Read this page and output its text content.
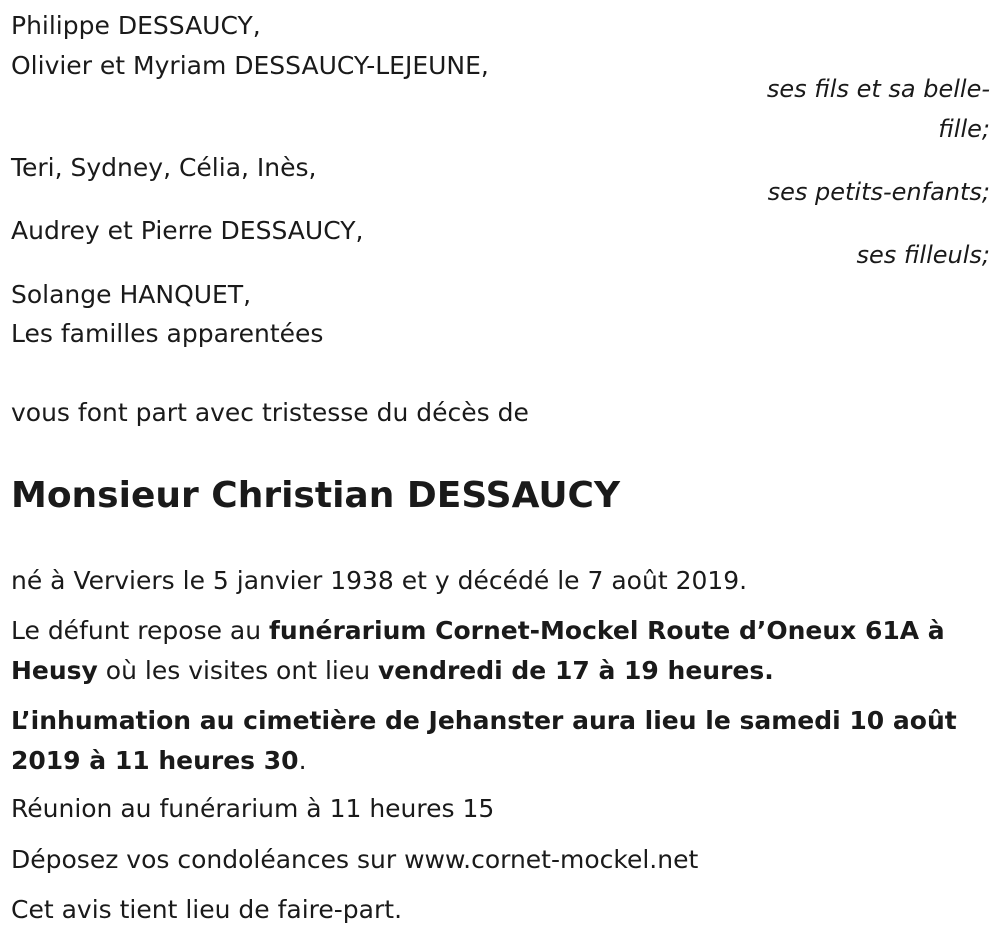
Philippe DESSAUCY,
Olivier et Myriam DESSAUCY-LEJEUNE,
ses fils et sa belle-
fille;
Teri, Sydney, Célia, Inès,
ses petits-enfants;
Audrey et Pierre DESSAUCY,
ses filleuls;
Solange HANQUET,
Les familles apparentées
vous font part avec tristesse du décès de
Monsieur Christian DESSAUCY
né à Verviers le 5 janvier 1938 et y décédé le 7 août 2019.
Le défunt repose au funérarium Cornet-Mockel Route d’Oneux 61A à
Heusy où les visites ont lieu vendredi de 17 à 19 heures.
L’inhumation au cimetière de Jehanster aura lieu le samedi 10 août
2019 à 11 heures 30.
Réunion au funérarium à 11 heures 15
Déposez vos condoléances sur www.cornet-mockel.net
Cet avis tient lieu de faire-part.
